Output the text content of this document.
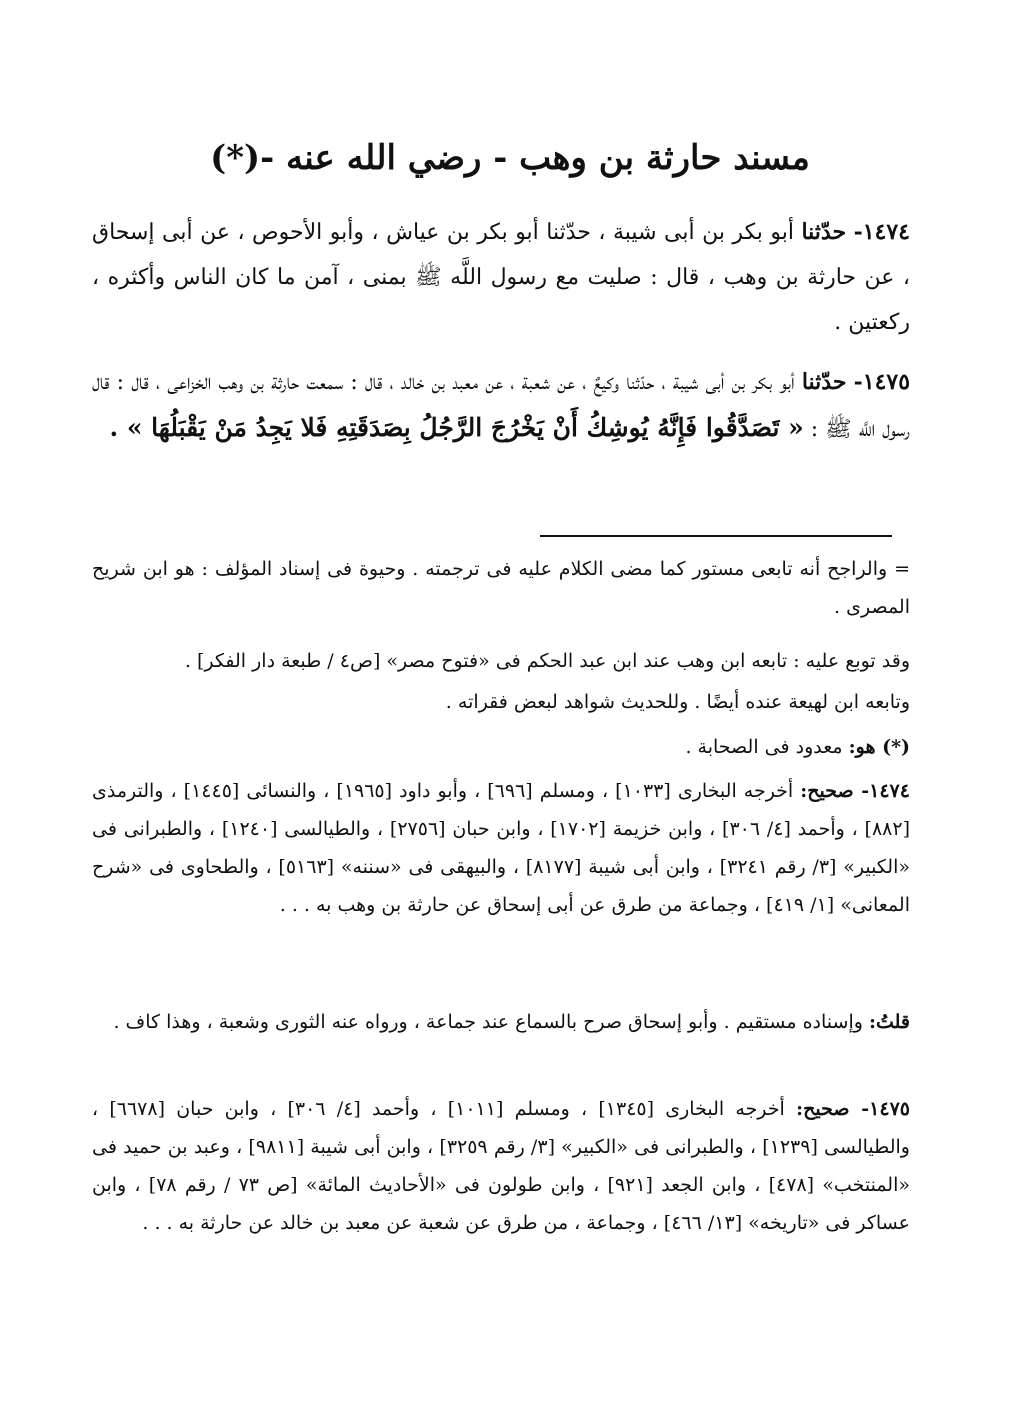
مسند حارثة بن وهب - رضي الله عنه -(*)
١٤٧٤- حدّثنا أبو بكر بن أبى شيبة ، حدّثنا أبو بكر بن عياش ، وأبو الأحوص ، عن أبى إسحاق ، عن حارثة بن وهب ، قال : صليت مع رسول اللَّه ﷺ بمنى ، آمن ما كان الناس وأكثره ، ركعتين .
١٤٧٥- حدّثنا أبو بكر بن أبى شيبة ، حدّثنا وكيعٌ ، عن شعبة ، عن معبد بن خالد ، قال : سمعت حارثة بن وهب الخزاعى ، قال : قال رسول اللَّه ﷺ : « تَصَدَّقُوا فَإِنَّهُ يُوشِكُ أَنْ يَخْرُجَ الرَّجُلُ بِصَدَقَتِهِ فَلا يَجِدُ مَنْ يَقْبَلُهَا » .
= والراجح أنه تابعى مستور كما مضى الكلام عليه فى ترجمته . وحيوة فى إسناد المؤلف : هو ابن شريح المصرى .
وقد توبع عليه : تابعه ابن وهب عند ابن عبد الحكم فى «فتوح مصر» [ص٤ / طبعة دار الفكر] .
وتابعه ابن لهيعة عنده أيضًا . وللحديث شواهد لبعض فقراته .
(*) هو: معدود فى الصحابة .
١٤٧٤- صحيح: أخرجه البخارى [١٠٣٣] ، ومسلم [٦٩٦] ، وأبو داود [١٩٦٥] ، والنسائى [١٤٤٥] ، والترمذى [٨٨٢] ، وأحمد [٤/ ٣٠٦] ، وابن خزيمة [١٧٠٢] ، وابن حبان [٢٧٥٦] ، والطيالسى [١٢٤٠] ، والطبرانى فى «الكبير» [٣/ رقم ٣٢٤١] ، وابن أبى شيبة [٨١٧٧] ، والبيهقى فى «سننه» [٥١٦٣] ، والطحاوى فى «شرح المعانى» [١/ ٤١٩] ، وجماعة من طرق عن أبى إسحاق عن حارثة بن وهب به . . .
قلتُ: وإسناده مستقيم . وأبو إسحاق صرح بالسماع عند جماعة ، ورواه عنه الثورى وشعبة ، وهذا كاف .
١٤٧٥- صحيح: أخرجه البخارى [١٣٤٥] ، ومسلم [١٠١١] ، وأحمد [٤/ ٣٠٦] ، وابن حبان [٦٦٧٨] ، والطيالسى [١٢٣٩] ، والطبرانى فى «الكبير» [٣/ رقم ٣٢٥٩] ، وابن أبى شيبة [٩٨١١] ، وعبد بن حميد فى «المنتخب» [٤٧٨] ، وابن الجعد [٩٢١] ، وابن طولون فى «الأحاديث المائة» [ص ٧٣ / رقم ٧٨] ، وابن عساكر فى «تاريخه» [١٣/ ٤٦٦] ، وجماعة ، من طرق عن شعبة عن معبد بن خالد عن حارثة به . . .
